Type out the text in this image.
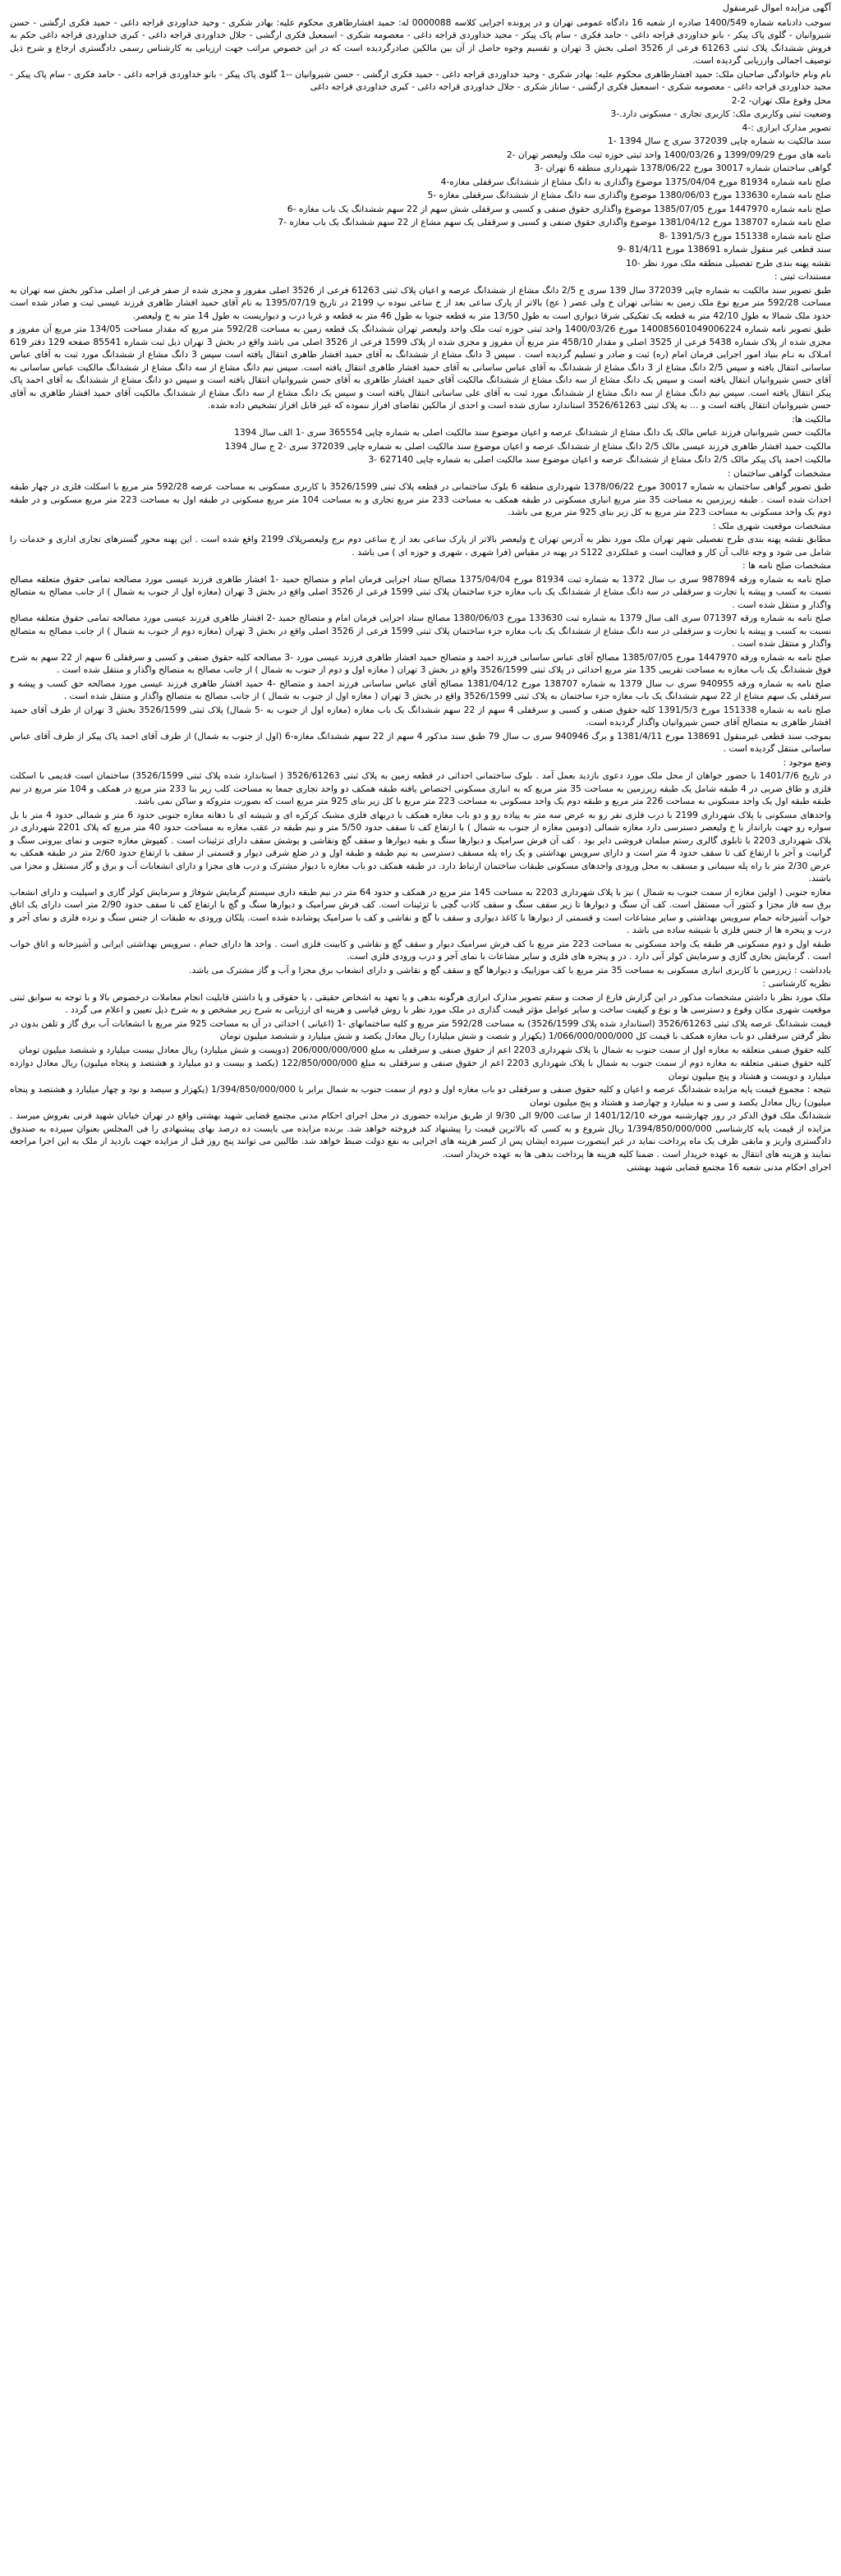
آگهی مزایده اموال غیرمنقول

سوجب دادنامه شماره 1400/549 صادره از شعبه 16 دادگاه عمومی تهران و در پرونده اجرایی کلاسه 0000088 له: حمید افشارطاهری محکوم علیه: بهادر شکری - وحید خداوردی قراجه داغی - حمید فکری ارگشی - حسن شیروانیان - گلوی پاک پیکر - بانو خداوردی قراجه داغی - حامد فکری - سام پاک پیکر - مجید خداوردی قراجه داغی - معصومه شکری - اسمعیل فکری ارگشی - جلال خداوردی قراجه داغی - کبری خداوردی قراجه داغی حکم به فروش ششدانگ پلاک ثبتی 61263 فرعی از 3526 اصلی بخش 3 تهران و تقسیم وجوه حاصل از آن بین مالکین صادرگردیده است که در این خصوص مراتب جهت ارزیابی به کارشناس رسمی دادگستری ارجاع و شرح ذیل توصیف اجمالی وارزیابی گردیده است.

نام ونام خانوادگی صاحبان ملک: حمید افشارطاهری محکوم علیه: بهادر شکری - وحید خداوردی قراجه داغی - حمید فکری ارگشی - حسن شیروانیان --1 گلوی پاک پیکر - بانو خداوردی قراجه داغی - حامد فکری - سام پاک پیکر - مجید خداوردی قراجه داغی - معصومه شکری - اسمعیل فکری ارگشی - ساناز شکری - جلال خداوردی قراجه داغی - کبری خداوردی قراجه داغی

محل وقوع ملک تهران- 2-2

وضعیت ثبتی وکاربری ملک: کاربری تجاری - مسکونی دارد.-3

تصویر مدارک ابرازی :-4

سند مالکیت به شماره چاپی 372039 سری ج سال 1394 -1

نامه های مورخ 1399/09/29 و 1400/03/26 واحد ثبتی حوزه ثبت ملک ولیعصر تهران -2

گواهی ساختمان شماره 30017 مورخ 1378/06/22 شهرداری منطقه 6 تهران -3

صلح نامه شماره 81934 مورخ 1375/04/04 موضوع واگذاری به دانگ مشاع از ششدانگ سرقفلی مغازه-4

صلح نامه شماره 133630 مورخ 1380/06/03 موضوع واگذاری سه دانگ مشاع از ششدانگ سرقفلی مغازه -5

صلح نامه شماره 1447970 مورخ 1385/07/05 موضوع واگذاری حقوق صنفی و کسبی و سرقفلی شش سهم از 22 سهم ششدانگ یک باب مغازه -6

صلح نامه شماره 138707 مورخ 1381/04/12 موضوع واگذاری حقوق صنفی و کسبی و سرقفلی یک سهم مشاع از 22 سهم ششدانگ یک باب مغازه -7

صلح نامه شماره 151338 مورخ 1391/5/3 -8

سند قطعی غیر منقول شماره 138691 مورخ 81/4/11 -9

نقشه پهنه بندی طرح تفصیلی منطقه ملک مورد نظر -10

مستندات ثبتی :

طبق تصویر سند مالکیت به شماره چاپی 372039 سال 139 سری ج 2/5 دانگ مشاع از ششدانگ عرصه و اعیان پلاک ثبتی 61263 فرعی از 3526 اصلی مفروز و مجزی شده از صفر فرعی از اصلی مذکور بخش سه تهران به مساحت 592/28 متر مربع نوع ملک زمین به نشانی تهران خ ولی عصر ( عج) بالاتر از پارک ساعی بعد از خ ساعی نبوده پ 2199 در تاریخ 1395/07/19 به نام آقای حمید افشار طاهری فرزند عیسی ثبت و صادر شده است حدود ملک شمالا به طول 42/10 متر به قطعه یک تفکیکی شرقا دیواری است به طول 13/50 متر به قطعه جنوبا به طول 46 متر به قطعه و غربا درب و دیواریست به طول 14 متر به خ ولیعصر.

طبق تصویر نامه شماره 140085601049006224 مورخ 1400/03/26 واحد ثبتی حوزه ثبت ملک واحد ولیعصر تهران ششدانگ یک قطعه زمین به مساحت 592/28 متر مربع که مقدار مساحت 134/05 متر مربع آن مفروز و مجزی شده از پلاک شماره 5438 فرعی از 3525 اصلی و مقدار 458/10 متر مربع آن مفروز و مجزی شده از پلاک 1599 فرعی از 3526 اصلی می باشد واقع در بخش 3 تهران ذیل ثبت شماره 85541 صفحه 129 دفتر 619 امـلاک به نـام بنیاد امور اجرایی فرمان امام (ره) ثبت و صادر و تسلیم گردیده است . سپس 3 دانگ مشاع از ششدانگ به آقای حمید افشار طاهری انتقال یافته است سپس 3 دانگ مشاع از ششدانگ مورد ثبت به آقای عباس ساسانی انتقال یافته و سپس 2/5 دانگ مشاع از 3 دانگ مشاع از ششدانگ به آقای عباس ساسانی به آقای حمید افشار طاهری انتقال یافته است. سپس نیم دانگ مشاع از سه دانگ مشاع از ششدانگ مالکیت عباس ساسانی به آقای حسن شیروانیان انتقال یافته است و سپس یک دانگ مشاع از سه دانگ مشاع از ششدانگ مالکیت آقای حمید افشار طاهری به آقای حسن شیروانیان انتقال یافته است و سپس دو دانگ مشاع از ششدانگ به آقای احمد پاک پیکر انتقال یافته است. سپس نیم دانگ مشاع از سه دانگ مشاع از ششدانگ مورد ثبت به آقای علی ساسانی انتقال یافته است و سپس یک دانگ مشاع از سه دانگ مشاع از ششدانگ مالکیت آقای حمید افشار طاهری به آقای حسن شیروانیان انتقال یافته است و ... به پلاک ثبتی 3526/61263 استاندارد سازی شده است و احدی از مالکین تقاضای افراز ننموده که غیر قابل افراز تشخیص داده شده.

مالکیت ها:

مالکیت حسن شیروانیان فرزند عباس مالک یک دانگ مشاع از ششدانگ عرصه و اعیان موضوع سند مالکیت اصلی به شماره چاپی 365554 سری -1 الف سال 1394

مالکیت حمید افشار طاهری فرزند عیسی مالک 2/5 دانگ مشاع از ششدانگ عرصه و اعیان موضوع سند مالکیت اصلی به شماره چاپی 372039 سری -2 ج سال 1394

مالکیت احمد پاک پیکر مالک 2/5 دانگ مشاع از ششدانگ عرصه و اعیان موضوع سند مالکیت اصلی به شماره چاپی 627140 -3

مشخصات گواهی ساختمان :

طبق تصویر گواهی ساختمان به شماره 30017 مورخ 1378/06/22 شهرداری منطقه 6 بلوک ساختمانی در قطعه پلاک ثبتی 3526/1599 با کاربری مسکونی به مساحت عرصه 592/28 متر مربع با اسکلت فلزی در چهار طبقه احداث شده است . طبقه زیرزمین به مساحت 35 متر مربع انباری مسکونی در طبقه همکف به مساحت 233 متر مربع تجاری و به مساحت 104 متر مربع مسکونی در طبقه اول به مساحت 223 متر مربع مسکونی و در طبقه دوم یک واحد مسکونی به مساحت 223 متر مربع به کل زیر بنای 925 متر مربع می باشد.

مشخصات موقعیت شهری ملک :

مطابق نقشه پهنه بندی طرح تفصیلی شهر تهران ملک مورد نظر به آدرس تهران خ ولیعصر بالاتر از پارک ساعی بعد از خ ساعی دوم برج ولیعصرپلاک 2199 واقع شده است . این پهنه محور گسترهای تجاری اداری و خدمات را شامل می شود و وجه غالب آن کار و فعالیت است و عملکردی S122 در پهنه در مقیاس (فرا شهری ، شهری و حوزه ای ) می باشد .

مشخصات صلح نامه ها :

صلح نامه به شماره ورقه 987894 سری ب سال 1372 به شماره ثبت 81934 مورخ 1375/04/04 مصالح ستاد اجرایی فرمان امام و متصالح حمید -1 افشار طاهری فرزند عیسی مورد مصالحه تمامی حقوق متعلقه مصالح نسبت به کسب و پیشه یا تجارت و سرقفلی در سه دانگ مشاع از ششدانگ یک باب مغازه جزء ساختمان پلاک ثبتی 1599 فرعی از 3526 اصلی واقع در بخش 3 تهران (مغازه اول از جنوب به شمال ) از جانب مصالح به متصالح واگذار و منتقل شده است .

صلح نامه به شماره ورقه 071397 سری الف سال 1379 به شماره ثبت 133630 مورخ 1380/06/03 مصالح ستاد اجرایی فرمان امام و متصالح حمید -2 افشار طاهری فرزند عیسی مورد مصالحه تمامی حقوق متعلقه مصالح نسبت به کسب و پیشه یا تجارت و سرقفلی در سه دانگ مشاع از ششدانگ یک باب مغازه جزء ساختمان پلاک ثبتی 1599 فرعی از 3526 اصلی واقع در بخش 3 تهران (مغازه دوم از جنوب به شمال ) از جانب مصالح به متصالح واگذار و منتقل شده است .

صلح نامه به شماره ورقه 1447970 مورخ 1385/07/05 مصالح آقای عباس ساسانی فرزند احمد و متصالح حمید افشار طاهری فرزند عیسی مورد -3 مصالحه کلیه حقوق صنفی و کسبی و سرقفلی 6 سهم از 22 سهم به شرح فوق ششدانگ یک باب مغازه به مساحت تقریبی 135 متر مربع احداثی در پلاک ثبتی 3526/1599 واقع در بخش 3 تهران ( مغازه اول و دوم از جنوب به شمال ) از جانب مصالح به متصالح واگذار و منتقل شده است .

صلح نامه به شماره ورقه 940955 سری ب سال 1379 به شماره 138707 مورخ 1381/04/12 مصالح آقای عباس ساسانی فرزند احمد و متصالح -4 حمید افشار طاهری فرزند عیسی مورد مصالحه حق کسب و پیشه و سرقفلی یک سهم مشاع از 22 سهم ششدانگ یک باب مغازه جزء ساختمان به پلاک ثبتی 3526/1599 واقع در بخش 3 تهران ( مغازه اول از جنوب به شمال ) از جانب مصالح به متصالح واگذار و منتقل شده است .

صلح نامه به شماره 151338 مورخ 1391/5/3 کلیه حقوق صنفی و کسبی و سرقفلی 4 سهم از 22 سهم ششدانگ یک باب مغازه (مغازه اول از جنوب به -5 شمال) پلاک ثبتی 3526/1599 بخش 3 تهران از طرف آقای حمید افشار طاهری به متصالح آقای حسن شیروانیان واگذار گردیده است.

بموجب سند قطعی غیرمنقول 138691 مورخ 1381/4/11 و برگ 940946 سری ب سال 79 طبق سند مذکور 4 سهم از 22 سهم ششدانگ مغازه-6 (اول از جنوب به شمال) از طرف آقای احمد پاک پیکر از طرف آقای عباس ساسانی منتقل گردیده است .

وضع موجود :

در تاریخ 1401/7/6 با حضور خواهان از محل ملک مورد دعوی بازدید بعمل آمد . بلوک ساختمانی احداثی در قطعه زمین به پلاک ثبتی 3526/61263 ( استاندارد شده پلاک ثبتی 3526/1599) ساختمان است قدیمی با اسکلت فلزی و طاق ضربی در 4 طبقه شامل یک طبقه زیرزمین به مساحت 35 متر مربع که به انباری مسکونی اختصاص یافته طبقه همکف دو واحد تجاری جمعا به مساحت کلب زیر بنا 233 متر مربع در همکف و 104 متر مربع در نیم طبقه طبقه اول یک واحد مسکونی به مساحت 226 متر مربع و طبقه دوم یک واحد مسکونی به مساحت 223 متر مربع با کل زیر بنای 925 متر مربع است که بصورت متروکه و ساکن نمی باشد.

واحدهای مسکونی با پلاک شهرداری 2199 با درب فلزی نفر رو به عرض سه متر به پیاده رو و دو باب مغازه همکف با دربهای فلزی مشبک کرکره ای و شیشه ای با دهانه مغازه جنوبی حدود 6 متر و شمالی حدود 4 متر با بل سواره رو جهت بارانداز با خ ولیعصر دسترسی دارد مغازه شمالی (دومین مغازه از جنوب به شمال ) با ارتفاع کف تا سقف حدود 5/50 متر و نیم طبقه در عقب مغازه به مساحت حدود 40 متر مربع که پلاک 2201 شهرداری در پلاک شهرداری 2203 با تابلوی گالری رستم مبلمان فروشی دایر بود . کف آن فرش سرامیک و دیوارها سنگ و بقیه دیوارها و سقف گچ ونقاشی و پوشش سقف دارای تزئینات است . کفپوش مغازه جنوبی و نمای بیرونی سنگ و گرانیت و آجر با ارتفاع کف تا سقف حدود 4 متر است و دارای سرویس بهداشتی و یک راه پله مسقف دسترسی به نیم طبقه و طبقه اول و در ضلع شرقی دیوار و قسمتی از سقف با ارتفاع حدود 2/60 متر در طبقه همکف به عرض 2/30 متر با راه پله سیمانی و مسقف به محل ورودی واحدهای مسکونی طبقات ساختمان ارتباط دارد. در طبقه همکف دو باب مغازه با دیوار مشترک و درب های مجزا و دارای انشعابات آب و برق و گاز مستقل و مجزا می باشند.

مغازه جنوبی ( اولین مغازه از سمت جنوب به شمال ) نیز با پلاک شهرداری 2203 به مساحت 145 متر مربع در همکف و حدود 64 متر در نیم طبقه داری سیستم گرمایش شوفاژ و سرمایش کولر گازی و اسپلیت و دارای انشعاب برق سه فاز مجزا و کنتور آب مستقل است. کف آن سنگ و دیوارها تا زیر سقف سنگ و سقف کاذب گچی با تزئینات است. کف فرش سرامیک و دیوارها سنگ و گچ با ارتفاع کف تا سقف حدود 2/90 متر است دارای یک اتاق خواب آشپزخانه حمام سرویس بهداشتی و سایر مشاعات است و قسمتی از دیوارها با کاغذ دیواری و سقف با گچ و نقاشی و کف با سرامیک پوشانده شده است. پلکان ورودی به طبقات از جنس سنگ و نرده فلزی و نمای آجر و درب و پنجره ها از جنس فلزی با شیشه ساده می باشد .

طبقه اول و دوم مسکونی هر طبقه یک واحد مسکونی به مساحت 223 متر مربع با کف فرش سرامیک دیوار و سقف گچ و نقاشی و کابینت فلزی است . واحد ها دارای حمام ، سرویس بهداشتی ایرانی و آشپزخانه و اتاق خواب است . گرمایش بخاری گازی و سرمایش کولر آبی دارد . در و پنجره های فلزی و سایر مشاعات با نمای آجر و درب ورودی فلزی است.

یادداشت : زیرزمین با کاربری انباری مسکونی به مساحت 35 متر مربع با کف موزاییک و دیوارها گچ و سقف گچ و نقاشی و دارای انشعاب برق مجزا و آب و گاز مشترک می باشد.

نظریه کارشناسی :

ملک مورد نظر با داشتن مشخصات مذکور در این گزارش فارغ از صحت و سقم تصویر مدارک ابرازی هرگونه بدهی و یا تعهد به اشخاص حقیقی ، یا حقوقی و یا داشتن قابلیت انجام معاملات درخصوص بالا و با توجه به سوابق ثبتی موقعیت شهری مکان وقوع و دسترسی ها و نوع و کیفیت ساخت و سایر عوامل مؤثر قیمت گذاری در ملک مورد نظر با روش قیاسی و هزینه ای ارزیابی به شرح زیر مشخص و به شرح ذیل تعیین و اعلام می گردد .

قیمت ششدانگ عرصه پلاک ثبتی 3526/61263 (استاندارد شده پلاک 3526/1599) به مساحت 592/28 متر مربع و کلیه ساختمانهای -1 (اعیانی ) احداثی در آن به مساحت 925 متر مربع با انشعابات آب برق گاز و تلفن بدون در نظر گرفتن سرقفلی دو باب مغازه همکف با قیمت کل 1/066/000/000/000 (یکهزار و شصت و شش میلیارد) ریال معادل یکصد و شش میلیارد و ششصد میلیون تومان

کلیه حقوق صنفی متعلقه به مغازه اول از سمت جنوب به شمال با پلاک شهرداری 2203 اعم از حقوق صنفی و سرقفلی به مبلغ 206/000/000/000 (دویست و شش میلیارد) ریال معادل بیست میلیارد و ششصد میلیون تومان

کلیه حقوق صنفی متعلقه به مغازه دوم از سمت جنوب به شمال با پلاک شهرداری 2203 اعم از حقوق صنفی و سرقفلی به مبلغ 122/850/000/000 (یکصد و بیست و دو میلیارد و هشتصد و پنجاه میلیون) ریال معادل دوازده میلیارد و دویست و هشتاد و پنج میلیون تومان

نتیجه : مجموع قیمت پایه مزایده ششدانگ عرصه و اعیان و کلیه حقوق صنفی و سرقفلی دو باب مغازه اول و دوم از سمت جنوب به شمال برابر با 1/394/850/000/000 (یکهزار و سیصد و نود و چهار میلیارد و هشتصد و پنجاه میلیون) ریال معادل یکصد و سی و نه میلیارد و چهارصد و هشتاد و پنج میلیون تومان

ششدانگ ملک فوق الذکر در روز چهارشنبه مورخه 1401/12/10 از ساعت 9/00 الی 9/30 از طریق مزایده حضوری در محل اجرای احکام مدنی مجتمع قضایی شهید بهشتی واقع در تهران خیابان شهید قرنی بفروش میرسد . مزایده از قیمت پایه کارشناسی 1/394/850/000/000 ریال شروع و به کسی که بالاترین قیمت را پیشنهاد کند فروخته خواهد شد. برنده مزایده می بایست ده درصد بهای پیشنهادی را فی المجلس بعنوان سپرده به صندوق دادگستری واریز و مابقی ظرف یک ماه پرداخت نماید در غیر اینصورت سپرده ایشان پس از کسر هزینه های اجرایی به نفع دولت ضبط خواهد شد. طالبین می توانند پنج روز قبل از مزایده جهت بازدید از ملک به این اجرا مراجعه نمایند و هزینه های انتقال به عهده خریدار است . ضمنا کلیه هزینه ها پرداخت بدهی ها به عهده خریدار است.

اجرای احکام مدنی شعبه 16 مجتمع قضایی شهید بهشتی
